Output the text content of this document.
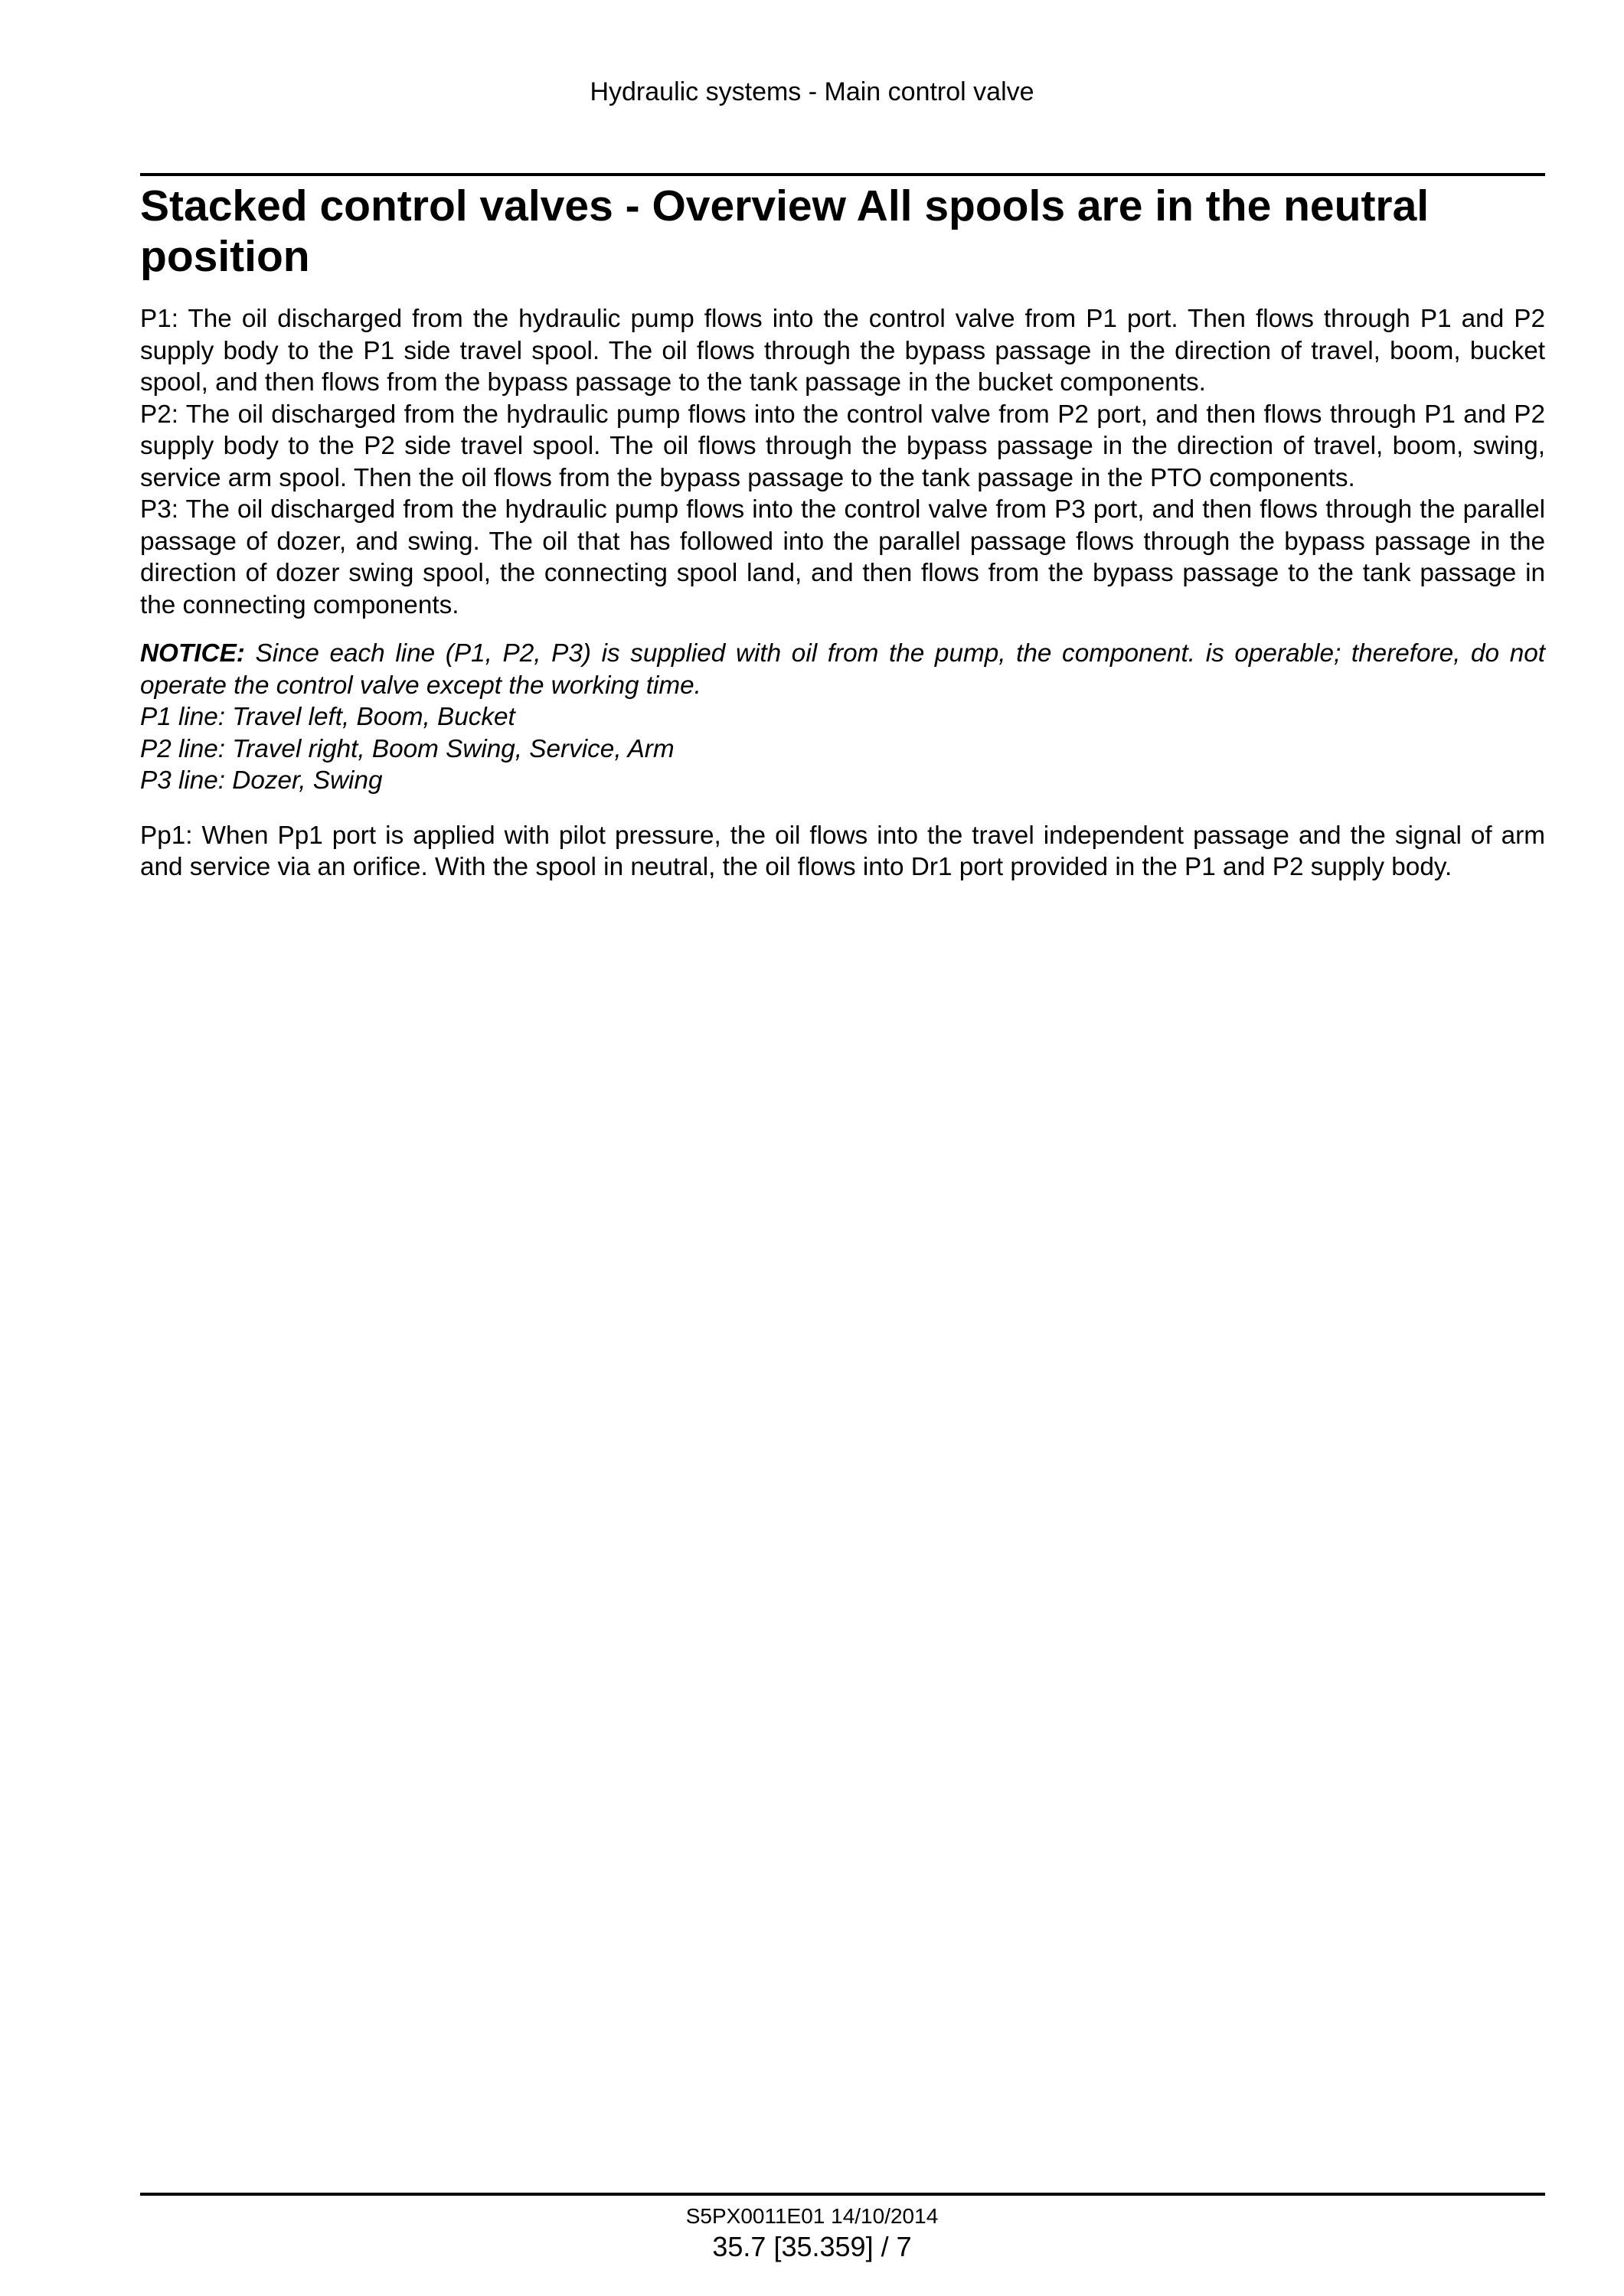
Hydraulic systems - Main control valve
Stacked control valves - Overview All spools are in the neutral position

P1: The oil discharged from the hydraulic pump flows into the control valve from P1 port. Then flows through P1 and P2 supply body to the P1 side travel spool. The oil flows through the bypass passage in the direction of travel, boom, bucket spool, and then flows from the bypass passage to the tank passage in the bucket components.

P2: The oil discharged from the hydraulic pump flows into the control valve from P2 port, and then flows through P1 and P2 supply body to the P2 side travel spool. The oil flows through the bypass passage in the direction of travel, boom, swing, service arm spool. Then the oil flows from the bypass passage to the tank passage in the PTO components.

P3: The oil discharged from the hydraulic pump flows into the control valve from P3 port, and then flows through the parallel passage of dozer, and swing. The oil that has followed into the parallel passage flows through the bypass passage in the direction of dozer swing spool, the connecting spool land, and then flows from the bypass passage to the tank passage in the connecting components.

NOTICE: Since each line (P1, P2, P3) is supplied with oil from the pump, the component. is operable; therefore, do not operate the control valve except the working time.

P1 line: Travel left, Boom, Bucket
P2 line: Travel right, Boom Swing, Service, Arm
P3 line: Dozer, Swing

Pp1: When Pp1 port is applied with pilot pressure, the oil flows into the travel independent passage and the signal of arm and service via an orifice. With the spool in neutral, the oil flows into Dr1 port provided in the P1 and P2 supply body.

S5PX0011E01 14/10/2014
35.7 [35.359] / 7
